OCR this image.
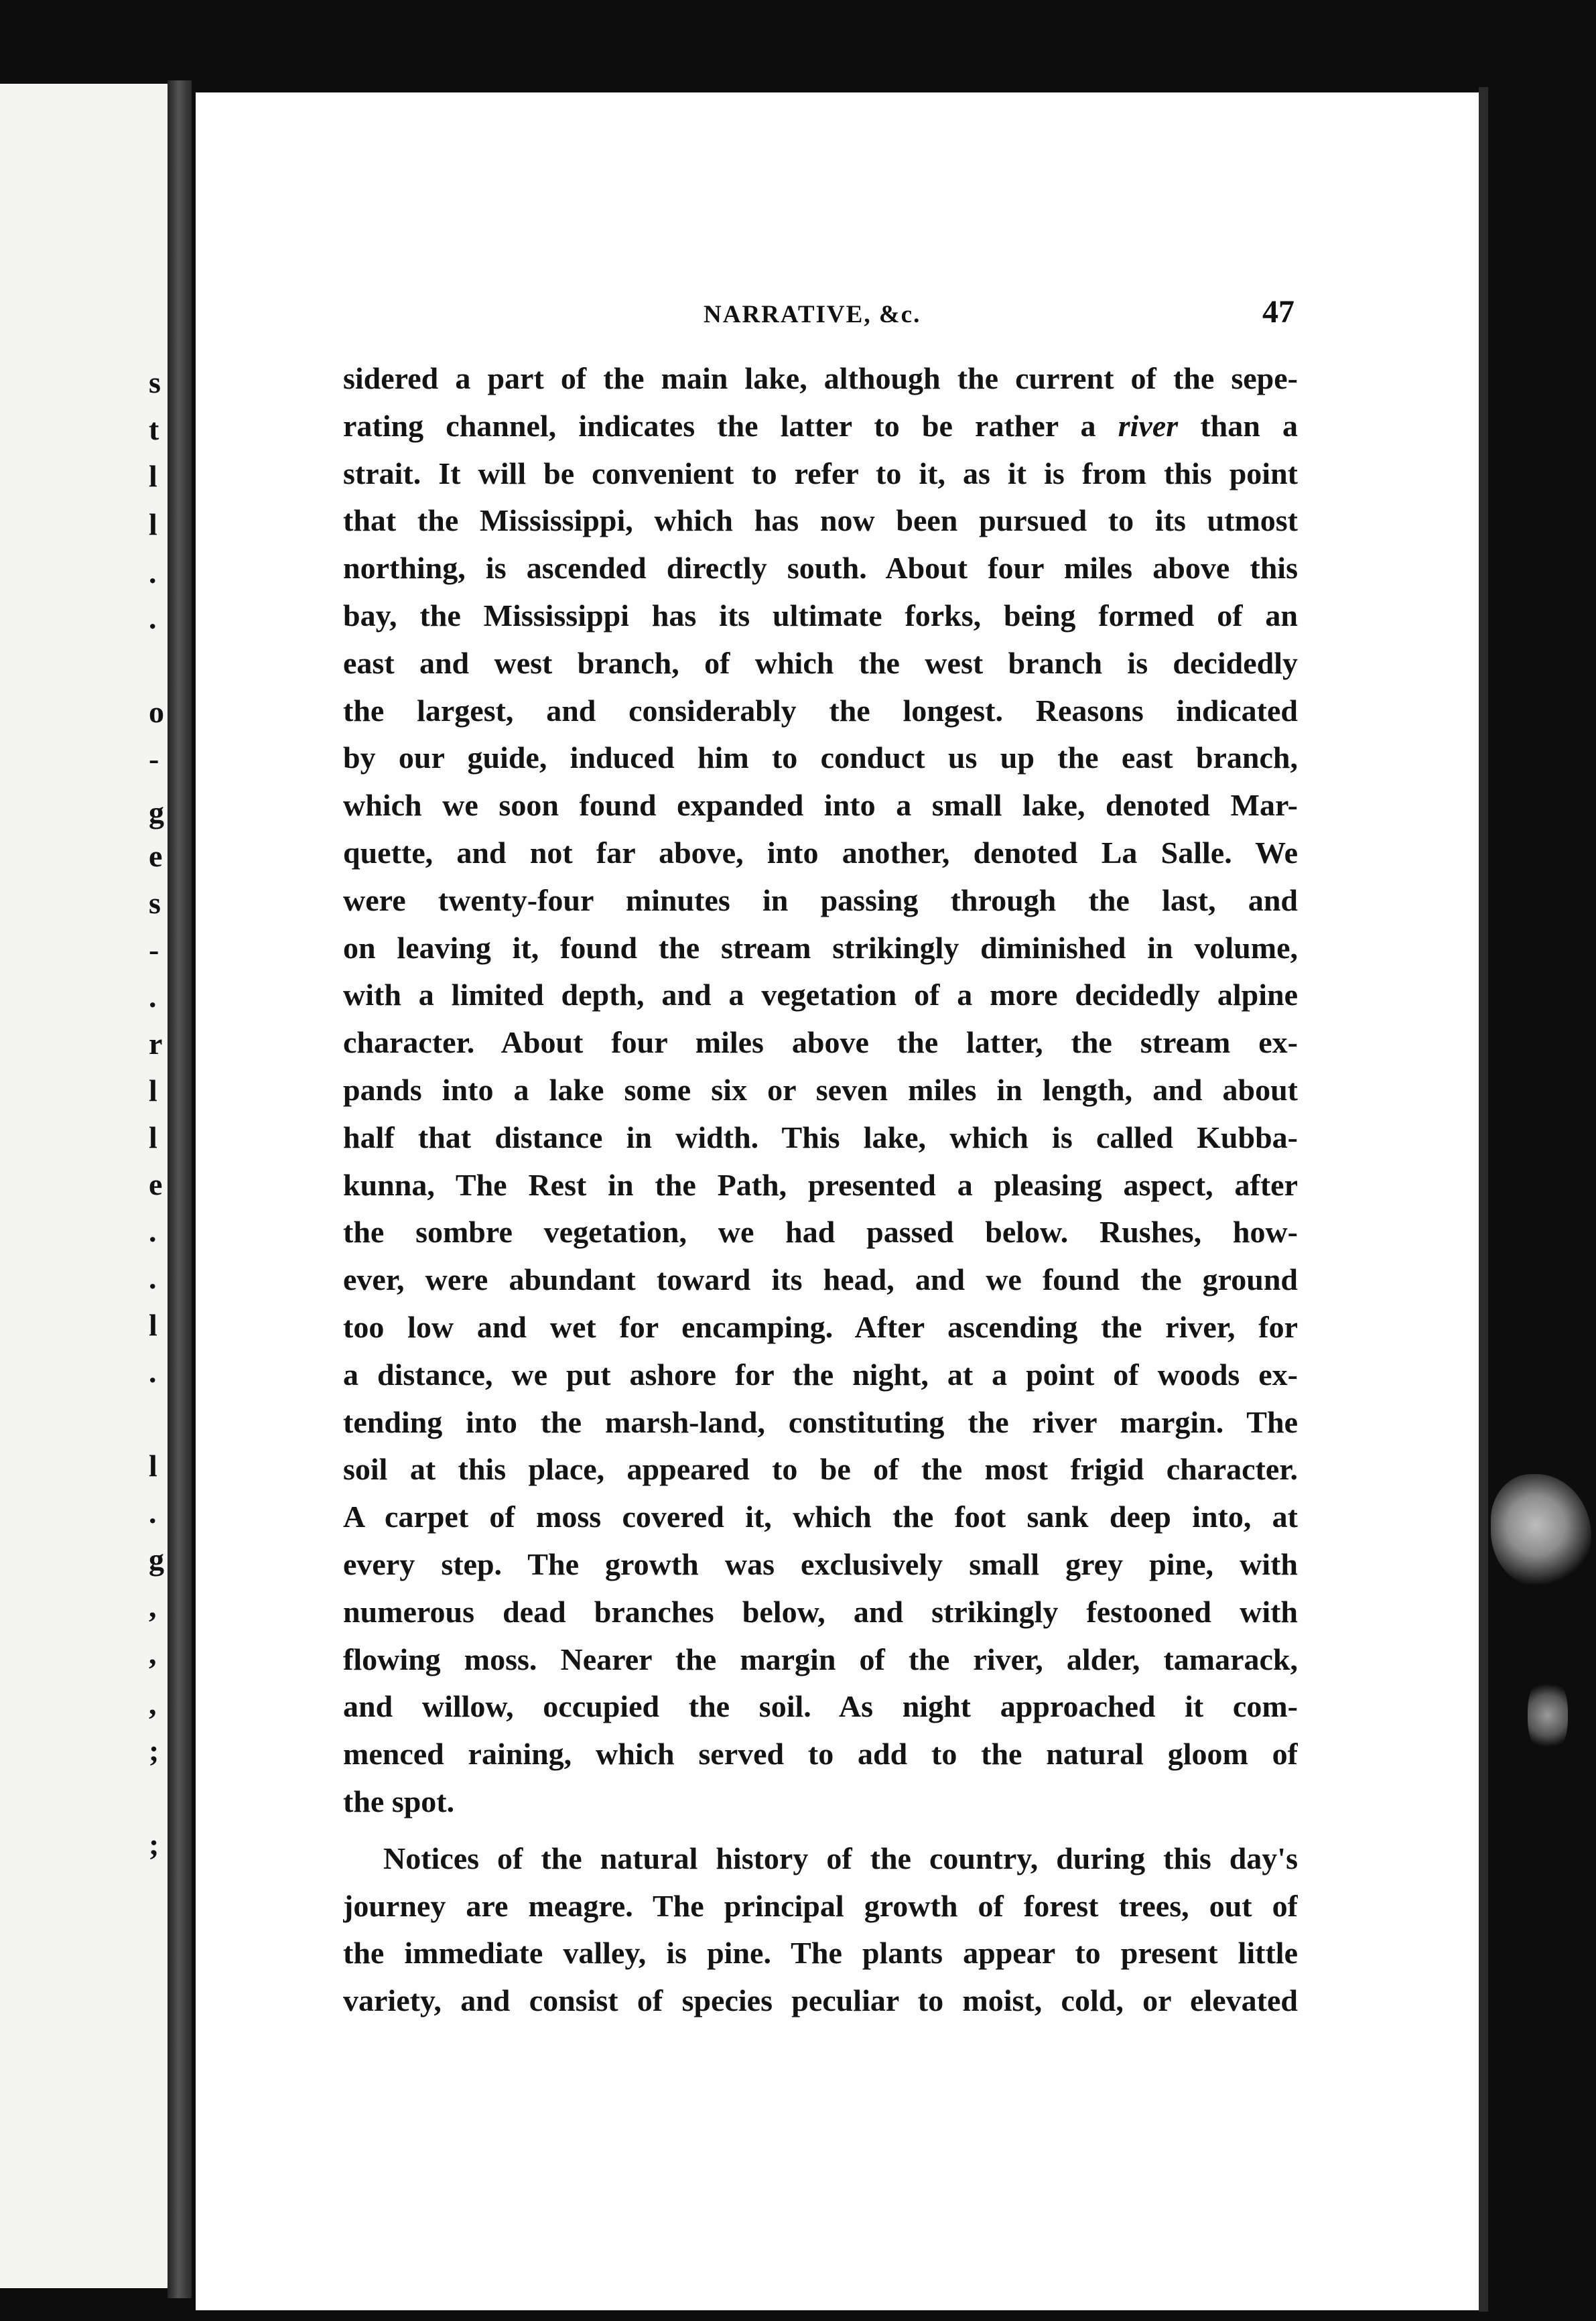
s
t
l
l
.
.
o
-
g
e
s
-
.
r
l
l
e
.
.
l
.
l
.
g
,
,
,
;
;
NARRATIVE, &c.	47
sidered a part of the main lake, although the current of the sepe-
rating channel, indicates the latter to be rather a river than a
strait. It will be convenient to refer to it, as it is from this point
that the Mississippi, which has now been pursued to its utmost
northing, is ascended directly south. About four miles above this
bay, the Mississippi has its ultimate forks, being formed of an
east and west branch, of which the west branch is decidedly
the largest, and considerably the longest. Reasons indicated
by our guide, induced him to conduct us up the east branch,
which we soon found expanded into a small lake, denoted Mar-
quette, and not far above, into another, denoted La Salle. We
were twenty-four minutes in passing through the last, and
on leaving it, found the stream strikingly diminished in volume,
with a limited depth, and a vegetation of a more decidedly alpine
character. About four miles above the latter, the stream ex-
pands into a lake some six or seven miles in length, and about
half that distance in width. This lake, which is called Kubba-
kunna, The Rest in the Path, presented a pleasing aspect, after
the sombre vegetation, we had passed below. Rushes, how-
ever, were abundant toward its head, and we found the ground
too low and wet for encamping. After ascending the river, for
a distance, we put ashore for the night, at a point of woods ex-
tending into the marsh-land, constituting the river margin. The
soil at this place, appeared to be of the most frigid character.
A carpet of moss covered it, which the foot sank deep into, at
every step. The growth was exclusively small grey pine, with
numerous dead branches below, and strikingly festooned with
flowing moss. Nearer the margin of the river, alder, tamarack,
and willow, occupied the soil. As night approached it com-
menced raining, which served to add to the natural gloom of
the spot.
Notices of the natural history of the country, during this day's
journey are meagre. The principal growth of forest trees, out of
the immediate valley, is pine. The plants appear to present little
variety, and consist of species peculiar to moist, cold, or elevated
